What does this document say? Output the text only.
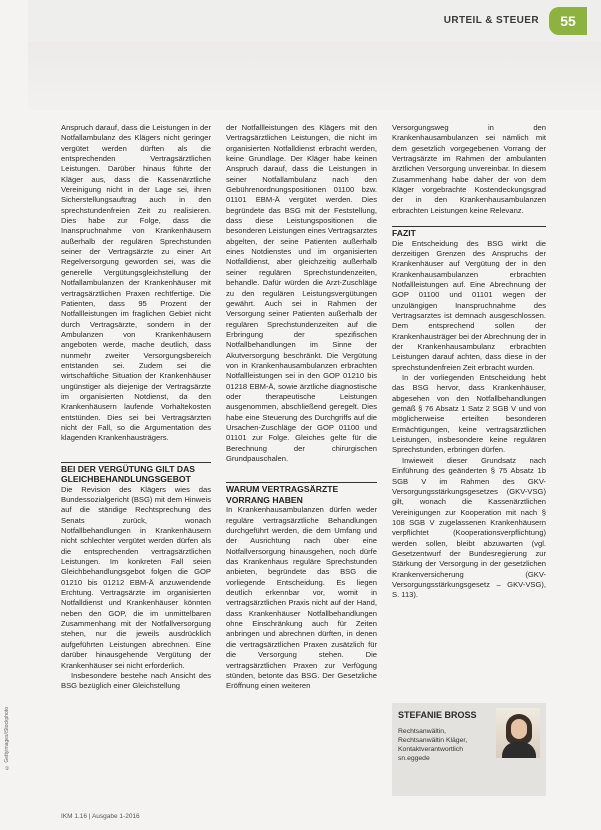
URTEIL & STEUER	55

Anspruch darauf, dass die Leistungen in der Notfallambulanz des Klägers nicht geringer vergütet werden dürften als die entsprechenden Vertragsärztlichen Leistungen. Darüber hinaus führte der Kläger aus, dass die Kassenärztliche Vereinigung nicht in der Lage sei, ihren Sicherstellungsauftrag auch in den sprechstundenfreien Zeit zu realisieren. Dies habe zur Folge, dass die Inanspruchnahme von Krankenhäusern außerhalb der regulären Sprechstunden seiner der Vertragsärzte zu einer Art Regelversorgung geworden sei, was die generelle Vergütungsgleichstellung der Notfallambulanzen der Krankenhäuser mit vertragsärztlichen Praxen rechtfertige. Die Patienten, dass 95 Prozent der Notfallleistungen im fraglichen Gebiet nicht durch Vertragsärzte, sondern in der Ambulanzen von Krankenhäusern angeboten werde, mache deutlich, dass nunmehr zweiter Versorgungsbereich entstanden sei. Zudem sei die wirtschaftliche Situation der Krankenhäuser ungünstiger als diejenige der Vertragsärzte im organisierten Notdienst, da den Krankenhäusern laufende Vorhaltekosten entstünden. Dies sei bei Vertragsärzten nicht der Fall, so die Argumentation des klagenden Krankenhausträgers.

BEI DER VERGÜTUNG GILT DAS

GLEICHBEHANDLUNGSGEBOT

Die Revision des Klägers wies das Bundessozialgericht (BSG) mit dem Hinweis auf die ständige Rechtsprechung des Senats zurück, wonach Notfallbehandlungen in Krankenhäusern nicht schlechter vergütet werden dürfen als die entsprechenden vertragsärztlichen Leistungen. Im konkreten Fall seien Gleichbehandlungsgebot folgen die GOP 01210 bis 01212 EBM-Ä anzuwendende Erchtung. Vertragsärzte im organisierten Notfalldienst und Krankenhäuser könnten neben den GOP, die im unmittelbaren Zusammenhang mit der Notfallversorgung stehen, nur die jeweils ausdrücklich aufgeführten Leistungen abrechnen. Eine darüber hinausgehende Vergütung der Krankenhäuser sei nicht erforderlich.

Insbesondere bestehe nach Ansicht des BSG bezüglich einer Gleichstellung

der Notfallleistungen des Klägers mit den Vertragsärztlichen Leistungen, die nicht im organisierten Notfalldienst erbracht werden, keine Grundlage. Der Kläger habe keinen Anspruch darauf, dass die Leistungen in seiner Notfallambulanz nach den Gebührenordnungspositionen 01100 bzw. 01101 EBM-Ä vergütet werden. Dies begründete das BSG mit der Feststellung, dass diese Leistungspositionen die besonderen Leistungen eines Vertragsarztes abgelten, der seine Patienten außerhalb eines Notdienstes und im organisierten Notfalldienst, aber gleichzeitig außerhalb seiner regulären Sprechstundenzeiten, behandle. Dafür würden die Arzt-Zuschläge zu den regulären Leistungsvergütungen gewährt. Auch sei in Rahmen der Versorgung seiner Patienten außerhalb der regulären Sprechstundenzeiten auf die Erbringung der spezifischen Notfallbehandlungen im Sinne der Akutversorgung beschränkt. Die Vergütung von in Krankenhausambulanzen erbrachten Notfallleistungen sei in den GOP 01210 bis 01218 EBM-Ä, sowie ärztliche diagnostische oder therapeutische Leistungen ausgenommen, abschließend geregelt. Dies habe eine Steuerung des Durchgriffs auf die Ursachen-Zuschläge der GOP 01100 und 01101 zur Folge. Gleiches gelte für die Berechnung der chirurgischen Grundpauschalen.

WARUM VERTRAGSÄRZTE

VORRANG HABEN

In Krankenhausambulanzen dürfen weder reguläre vertragsärztliche Behandlungen durchgeführt werden, die dem Umfang und der Ausrichtung nach über eine Notfallversorgung hinausgehen, noch dürfe das Krankenhaus reguläre Sprechstunden anbieten, begründete das BSG die vorliegende Entscheidung. Es liegen deutlich erkennbar vor, womit in vertragsärztlichen Praxis nicht auf der Hand, dass Krankenhäuser Notfallbehandlungen ohne Einschränkung auch für Zeiten anbringen und abrechnen dürften, in denen die vertragsärztlichen Praxen zusätzlich für die Versorgung stehen. Die vertragsärztlichen Praxen zur Verfügung stünden, betonte das BSG. Der Gesetzliche Eröffnung einen weiteren

Versorgungsweg in den Krankenhausambulanzen sei nämlich mit dem gesetzlich vorgegebenen Vorrang der Vertragsärzte im Rahmen der ambulanten ärztlichen Versorgung unvereinbar. In diesem Zusammenhang habe daher der von dem Kläger vorgebrachte Kostendeckungsgrad der in den Krankenhausambulanzen erbrachten Leistungen keine Relevanz.

FAZIT

Die Entscheidung des BSG wirkt die derzeitigen Grenzen des Anspruchs der Krankenhäuser auf Vergütung der in den Krankenhausambulanzen erbrachten Notfallleistungen auf. Eine Abrechnung der GOP 01100 und 01101 wegen der unzulängigen Inanspruchnahme des Vertragsarztes ist demnach ausgeschlossen. Dem entsprechend sollen der Krankenhausträger bei der Abrechnung der in der Krankenhausambulanz erbrachten Leistungen darauf achten, dass diese in der sprechstundenfreien Zeit erbracht wurden.

In der vorliegenden Entscheidung hebt das BSG hervor, dass Krankenhäuser, abgesehen von den Notfallbehandlungen gemäß § 76 Absatz 1 Satz 2 SGB V und von möglicherweise erteilten besonderen Ermächtigungen, keine vertragsärztlichen Leistungen, insbesondere keine regulären Sprechstunden, erbringen dürfen.

Inwieweit dieser Grundsatz nach Einführung des geänderten § 75 Absatz 1b SGB V im Rahmen des GKV-Versorgungsstärkungsgesetzes (GKV-VSG) gilt, wonach die Kassenärztlichen Vereinigungen zur Kooperation mit nach § 108 SGB V zugelassenen Krankenhäusern verpflichtet (Kooperationsverpflichtung) werden sollen, bleibt abzuwarten (vgl. Gesetzentwurf der Bundesregierung zur Stärkung der Versorgung in der gesetzlichen Krankenversicherung (GKV-Versorgungsstärkungsgesetz – GKV-VSG), S. 113).

STEFANIE BROSS
Rechtsanwältin,
Rechtsanwältin Kläger,
Kontaktverantwortlich
sn.eggede
© Gettyimages/iStockphoto
IKM 1.16 | Ausgabe 1-2016
